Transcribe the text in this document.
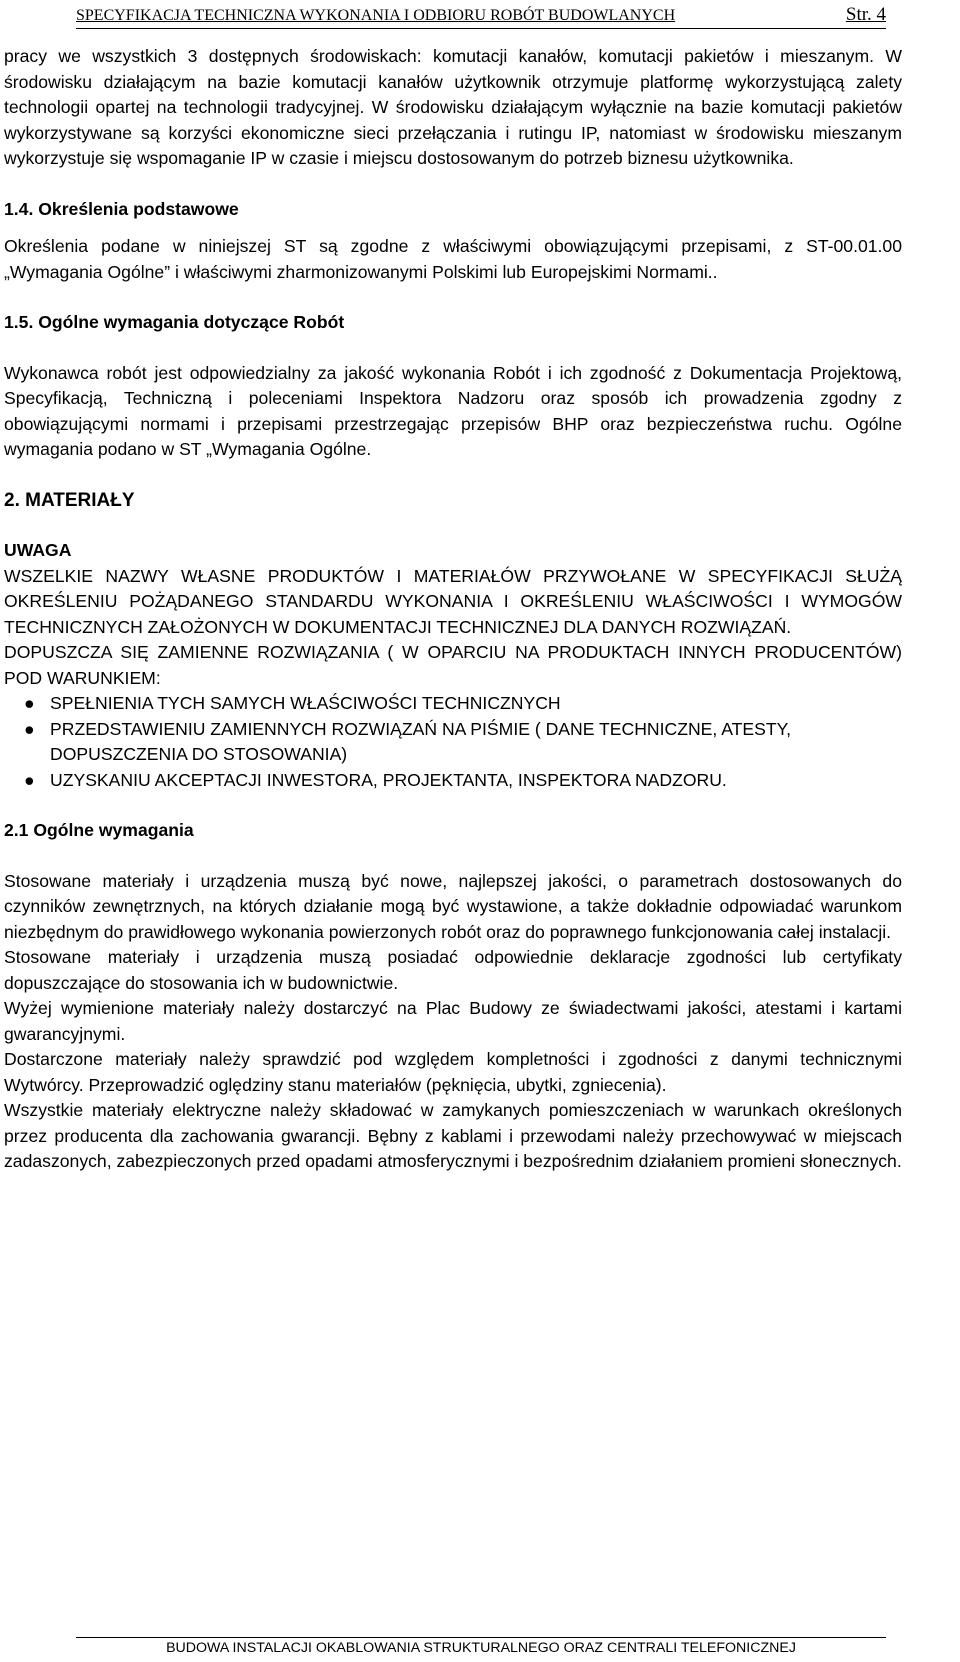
SPECYFIKACJA TECHNICZNA WYKONANIA I ODBIORU ROBÓT BUDOWLANYCH	Str. 4

pracy we wszystkich 3 dostępnych środowiskach: komutacji kanałów, komutacji pakietów i mieszanym. W środowisku działającym na bazie komutacji kanałów użytkownik otrzymuje platformę wykorzystującą zalety technologii opartej na technologii tradycyjnej. W środowisku działającym wyłącznie na bazie komutacji pakietów wykorzystywane są korzyści ekonomiczne sieci przełączania i rutingu IP, natomiast w środowisku mieszanym wykorzystuje się wspomaganie IP w czasie i miejscu dostosowanym do potrzeb biznesu użytkownika.

1.4. Określenia podstawowe

Określenia podane w niniejszej ST są zgodne z właściwymi obowiązującymi przepisami, z ST-00.01.00 „Wymagania Ogólne” i właściwymi zharmonizowanymi Polskimi lub Europejskimi Normami..

1.5. Ogólne wymagania dotyczące Robót

Wykonawca robót jest odpowiedzialny za jakość wykonania Robót i ich zgodność z Dokumentacja Projektową, Specyfikacją, Techniczną i poleceniami Inspektora Nadzoru oraz sposób ich prowadzenia zgodny z obowiązującymi normami i przepisami przestrzegając przepisów BHP oraz bezpieczeństwa ruchu. Ogólne wymagania podano w ST „Wymagania Ogólne.

2. MATERIAŁY

UWAGA

WSZELKIE NAZWY WŁASNE PRODUKTÓW I MATERIAŁÓW PRZYWOŁANE W SPECYFIKACJI SŁUŻĄ OKREŚLENIU POŻĄDANEGO STANDARDU WYKONANIA I OKREŚLENIU WŁAŚCIWOŚCI I WYMOGÓW TECHNICZNYCH ZAŁOŻONYCH W DOKUMENTACJI TECHNICZNEJ DLA DANYCH ROZWIĄZAŃ.

DOPUSZCZA SIĘ ZAMIENNE ROZWIĄZANIA ( W OPARCIU NA PRODUKTACH INNYCH PRODUCENTÓW) POD WARUNKIEM:

● SPEŁNIENIA TYCH SAMYCH WŁAŚCIWOŚCI TECHNICZNYCH
● PRZEDSTAWIENIU ZAMIENNYCH ROZWIĄZAŃ NA PIŚMIE ( DANE TECHNICZNE, ATESTY, DOPUSZCZENIA DO STOSOWANIA)
● UZYSKANIU AKCEPTACJI INWESTORA, PROJEKTANTA, INSPEKTORA NADZORU.

2.1 Ogólne wymagania

Stosowane materiały i urządzenia muszą być nowe, najlepszej jakości, o parametrach dostosowanych do czynników zewnętrznych, na których działanie mogą być wystawione, a także dokładnie odpowiadać warunkom niezbędnym do prawidłowego wykonania powierzonych robót oraz do poprawnego funkcjonowania całej instalacji.

Stosowane materiały i urządzenia muszą posiadać odpowiednie deklaracje zgodności lub certyfikaty dopuszczające do stosowania ich w budownictwie.

Wyżej wymienione materiały należy dostarczyć na Plac Budowy ze świadectwami jakości, atestami i kartami gwarancyjnymi.

Dostarczone materiały należy sprawdzić pod względem kompletności i zgodności z danymi technicznymi Wytwórcy. Przeprowadzić oględziny stanu materiałów (pęknięcia, ubytki, zgniecenia).

Wszystkie materiały elektryczne należy składować w zamykanych pomieszczeniach w warunkach określonych przez producenta dla zachowania gwarancji. Bębny z kablami i przewodami należy przechowywać w miejscach zadaszonych, zabezpieczonych przed opadami atmosferycznymi i bezpośrednim działaniem promieni słonecznych.

BUDOWA INSTALACJI OKABLOWANIA STRUKTURALNEGO ORAZ CENTRALI TELEFONICZNEJ
